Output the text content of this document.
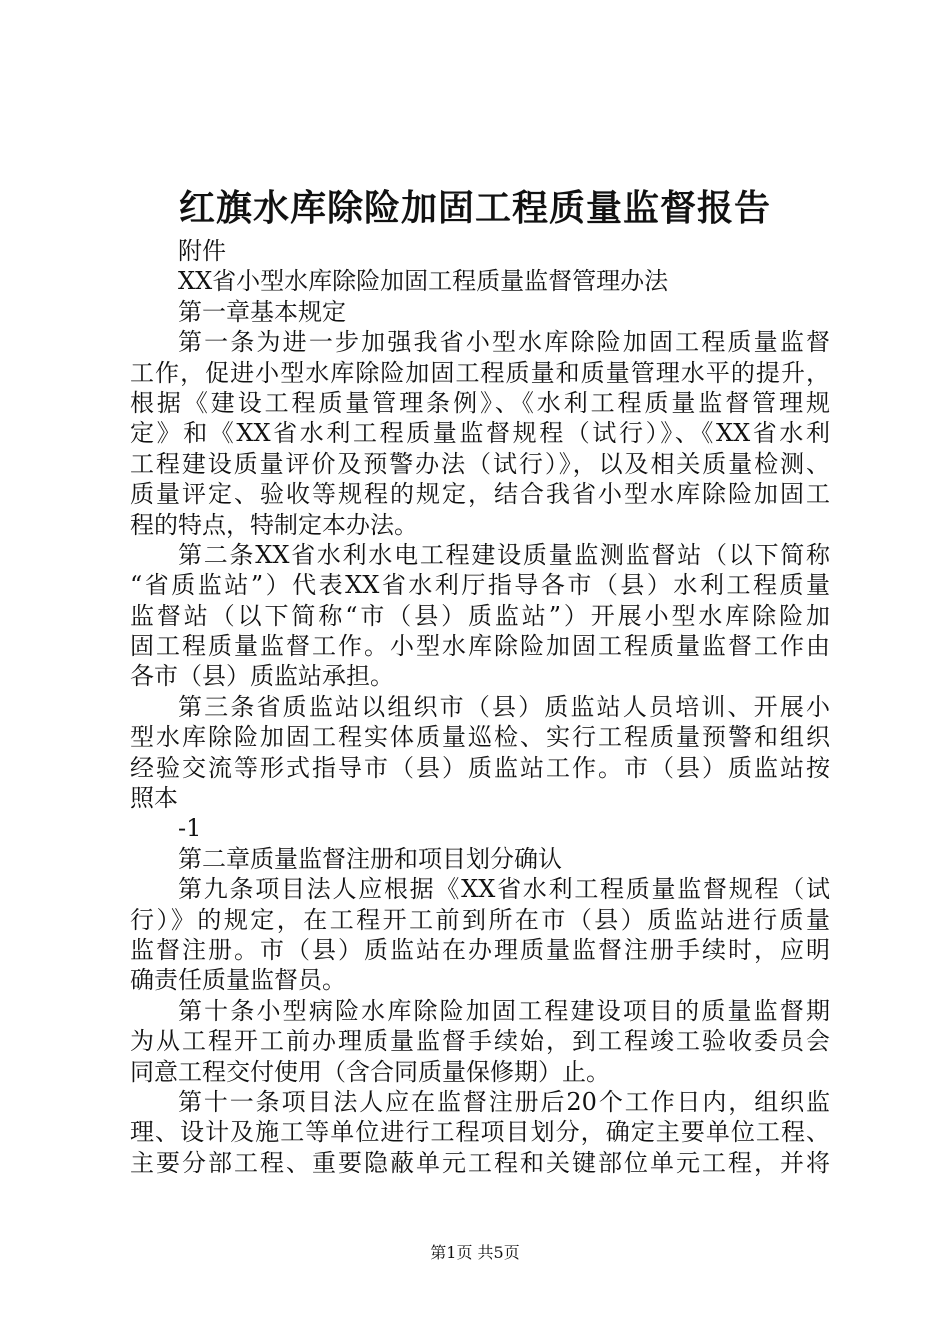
红旗水库除险加固工程质量监督报告
附件
XX省小型水库除险加固工程质量监督管理办法
第一章基本规定
第一条为进一步加强我省小型水库除险加固工程质量监督
工作，促进小型水库除险加固工程质量和质量管理水平的提升，
根据《建设工程质量管理条例》、《水利工程质量监督管理规
定》和《XX省水利工程质量监督规程（试行）》、《XX省水利
工程建设质量评价及预警办法（试行）》，以及相关质量检测、
质量评定、验收等规程的规定，结合我省小型水库除险加固工
程的特点，特制定本办法。
第二条XX省水利水电工程建设质量监测监督站（以下简称
“省质监站”）代表XX省水利厅指导各市（县）水利工程质量
监督站（以下简称“市（县）质监站”）开展小型水库除险加
固工程质量监督工作。小型水库除险加固工程质量监督工作由
各市（县）质监站承担。
第三条省质监站以组织市（县）质监站人员培训、开展小
型水库除险加固工程实体质量巡检、实行工程质量预警和组织
经验交流等形式指导市（县）质监站工作。市（县）质监站按
照本
-1
第二章质量监督注册和项目划分确认
第九条项目法人应根据《XX省水利工程质量监督规程（试
行）》的规定，在工程开工前到所在市（县）质监站进行质量
监督注册。市（县）质监站在办理质量监督注册手续时，应明
确责任质量监督员。
第十条小型病险水库除险加固工程建设项目的质量监督期
为从工程开工前办理质量监督手续始，到工程竣工验收委员会
同意工程交付使用（含合同质量保修期）止。
第十一条项目法人应在监督注册后20个工作日内，组织监
理、设计及施工等单位进行工程项目划分，确定主要单位工程、
主要分部工程、重要隐蔽单元工程和关键部位单元工程，并将
第1页 共5页
